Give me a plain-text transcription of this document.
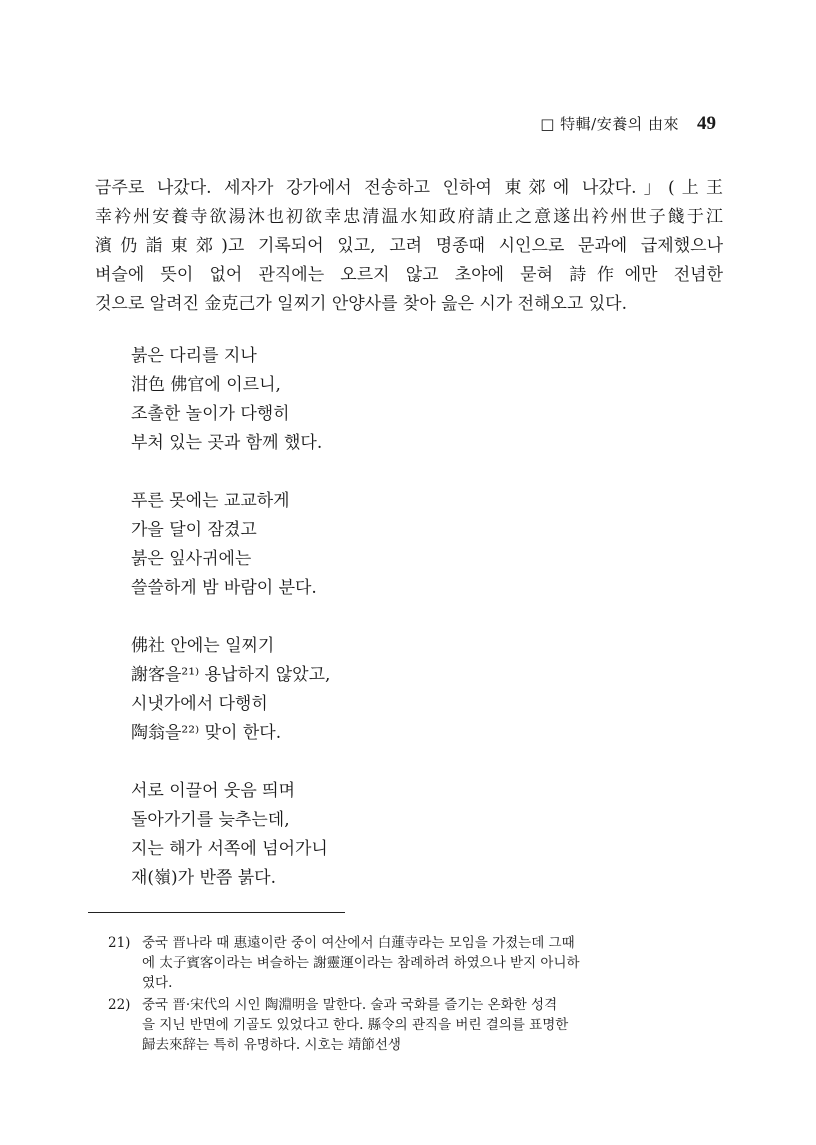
□ 特輯/安養의 由來 49
금주로 나갔다. 세자가 강가에서 전송하고 인하여 東郊에 나갔다.」(上王
幸衿州安養寺欲湯沐也初欲幸忠清温水知政府請止之意遂出衿州世子餞于江
濱仍詣東郊)고 기록되어 있고, 고려 명종때 시인으로 문과에 급제했으나
벼슬에 뜻이 없어 관직에는 오르지 않고 초야에 묻혀 詩作에만 전념한
것으로 알려진 金克己가 일찌기 안양사를 찾아 읊은 시가 전해오고 있다.
붉은 다리를 지나
泔色 佛官에 이르니,
조촐한 놀이가 다행히
부처 있는 곳과 함께 했다.
푸른 못에는 교교하게
가을 달이 잠겼고
붉은 잎사귀에는
쓸쓸하게 밤 바람이 분다.
佛社 안에는 일찌기
謝客을²¹⁾ 용납하지 않았고,
시냇가에서 다행히
陶翁을²²⁾ 맞이 한다.
서로 이끌어 웃음 띄며
돌아가기를 늦추는데,
지는 해가 서쪽에 넘어가니
재(嶺)가 반쯤 붉다.
21) 중국 晋나라 때 惠遠이란 중이 여산에서 白蓮寺라는 모임을 가졌는데 그때
에 太子賓客이라는 벼슬하는 謝靈運이라는 참례하려 하였으나 받지 아니하
였다.
22) 중국 晋·宋代의 시인 陶淵明을 말한다. 술과 국화를 즐기는 온화한 성격
을 지닌 반면에 기골도 있었다고 한다. 縣令의 관직을 버린 결의를 표명한
歸去來辞는 특히 유명하다. 시호는 靖節선생
